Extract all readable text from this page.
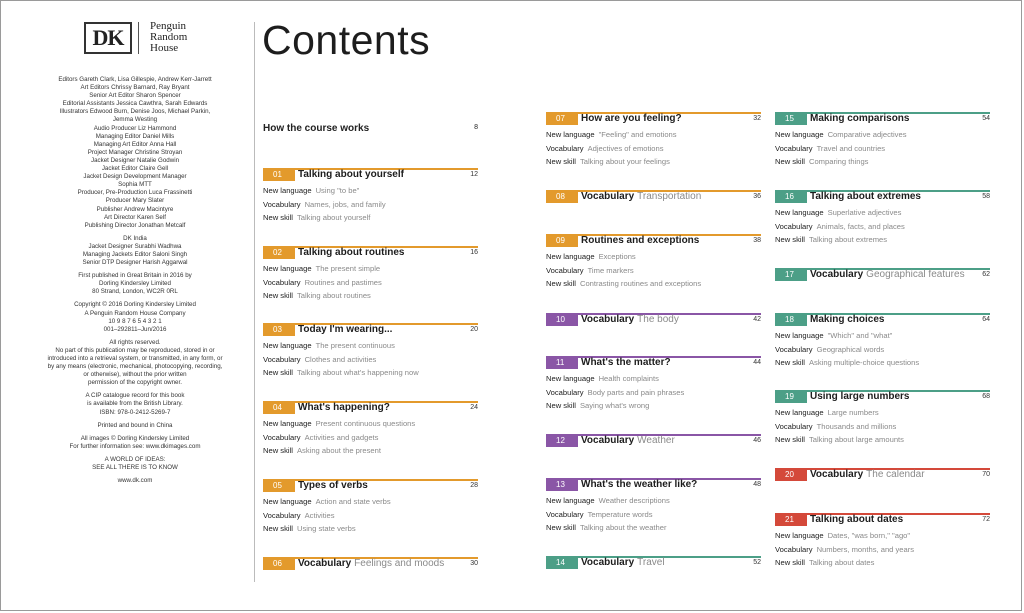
DK	Penguin
Random
House

Editors Gareth Clark, Lisa Gillespie, Andrew Kerr-Jarrett
Art Editors Chrissy Barnard, Ray Bryant
Senior Art Editor Sharon Spencer
Editorial Assistants Jessica Cawthra, Sarah Edwards
Illustrators Edwood Burn, Denise Joos, Michael Parkin,
Jemma Westing
Audio Producer Liz Hammond
Managing Editor Daniel Mills
Managing Art Editor Anna Hall
Project Manager Christine Stroyan
Jacket Designer Natalie Godwin
Jacket Editor Claire Gell
Jacket Design Development Manager
Sophia MTT
Producer, Pre-Production Luca Frassinetti
Producer Mary Slater
Publisher Andrew Macintyre
Art Director Karen Self
Publishing Director Jonathan Metcalf

DK India
Jacket Designer Surabhi Wadhwa
Managing Jackets Editor Saloni Singh
Senior DTP Designer Harish Aggarwal

First published in Great Britain in 2016 by
Dorling Kindersley Limited
80 Strand, London, WC2R 0RL

Copyright © 2016 Dorling Kindersley Limited
A Penguin Random House Company
10 9 8 7 6 5 4 3 2 1
001–292811–Jun/2016

All rights reserved.
No part of this publication may be reproduced, stored in or
introduced into a retrieval system, or transmitted, in any form, or
by any means (electronic, mechanical, photocopying, recording,
or otherwise), without the prior written
permission of the copyright owner.

A CIP catalogue record for this book
is available from the British Library.
ISBN: 978-0-2412-5269-7

Printed and bound in China

All images © Dorling Kindersley Limited
For further information see: www.dkimages.com

A WORLD OF IDEAS:
SEE ALL THERE IS TO KNOW

www.dk.com

Contents
How the course works	8
01	Talking about yourself	12
New language Using "to be"
Vocabulary Names, jobs, and family
New skill Talking about yourself
02	Talking about routines	16
New language The present simple
Vocabulary Routines and pastimes
New skill Talking about routines
03	Today I'm wearing...	20
New language The present continuous
Vocabulary Clothes and activities
New skill Talking about what's happening now
04	What's happening?	24
New language Present continuous questions
Vocabulary Activities and gadgets
New skill Asking about the present
05	Types of verbs	28
New language Action and state verbs
Vocabulary Activities
New skill Using state verbs
06	Vocabulary Feelings and moods	30
07	How are you feeling?	32
New language "Feeling" and emotions
Vocabulary Adjectives of emotions
New skill Talking about your feelings
08	Vocabulary Transportation	36
09	Routines and exceptions	38
New language Exceptions
Vocabulary Time markers
New skill Contrasting routines and exceptions
10	Vocabulary The body	42
11	What's the matter?	44
New language Health complaints
Vocabulary Body parts and pain phrases
New skill Saying what's wrong
12	Vocabulary Weather	46
13	What's the weather like?	48
New language Weather descriptions
Vocabulary Temperature words
New skill Talking about the weather
14	Vocabulary Travel	52
15	Making comparisons	54
New language Comparative adjectives
Vocabulary Travel and countries
New skill Comparing things
16	Talking about extremes	58
New language Superlative adjectives
Vocabulary Animals, facts, and places
New skill Talking about extremes
17	Vocabulary Geographical features	62
18	Making choices	64
New language "Which" and "what"
Vocabulary Geographical words
New skill Asking multiple-choice questions
19	Using large numbers	68
New language Large numbers
Vocabulary Thousands and millions
New skill Talking about large amounts
20	Vocabulary The calendar	70
21	Talking about dates	72
New language Dates, "was born," "ago"
Vocabulary Numbers, months, and years
New skill Talking about dates
